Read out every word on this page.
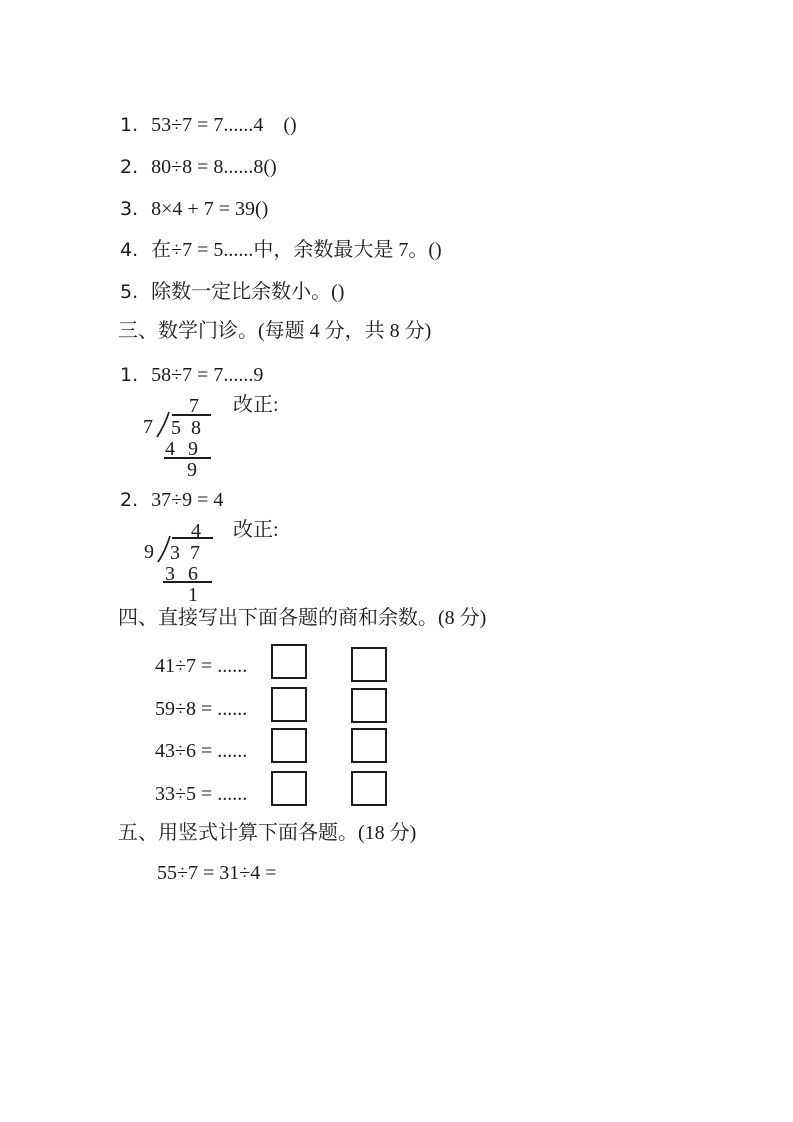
1. 53÷7 = 7......4    ()
2. 80÷8 = 8......8()
3. 8×4 + 7 = 39()
4. 在÷7 = 5......中，余数最大是 7。()
5. 除数一定比余数小。()
三、数学门诊。(每题 4 分，共 8 分)
1. 58÷7 = 7......9
7
7 5 8
4 9
9
改正:
2. 37÷9 = 4
4
9 3 7
3 6
1
改正:
四、直接写出下面各题的商和余数。(8 分)
41÷7 = ......
59÷8 = ......
43÷6 = ......
33÷5 = ......
五、用竖式计算下面各题。(18 分)
55÷7 = 31÷4 =
